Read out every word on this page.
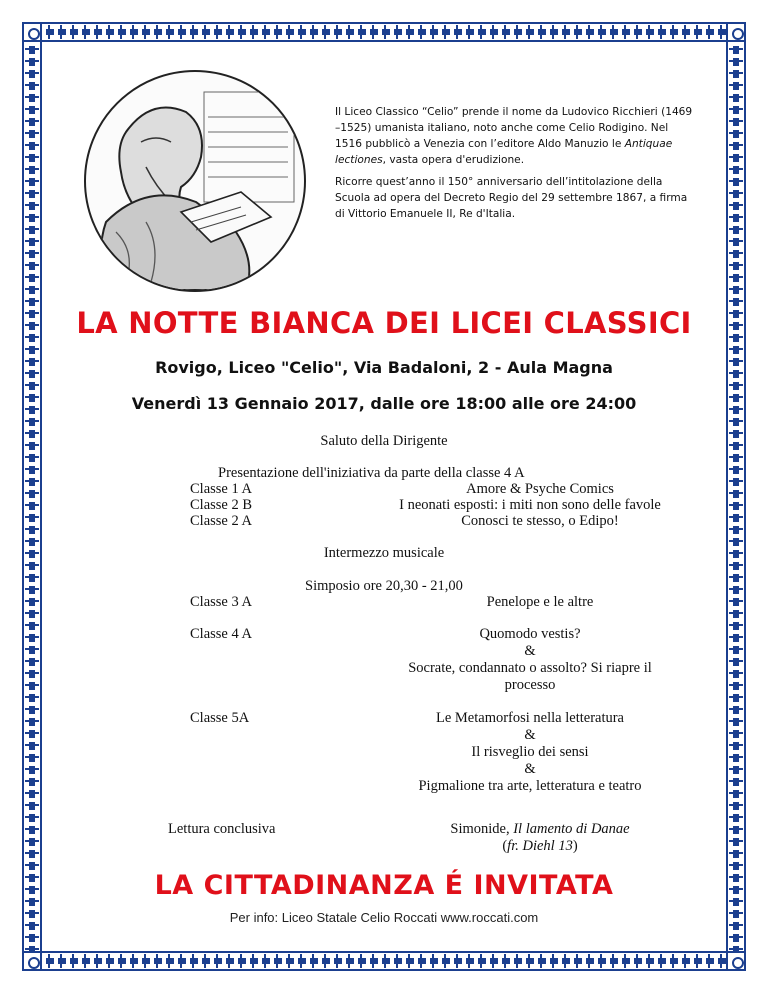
Il Liceo Classico “Celio” prende il nome da Ludovico Ricchieri (1469 –1525) umanista italiano, noto anche come Celio Rodigino. Nel 1516 pubblicò a Venezia con l’editore Aldo Manuzio le Antiquae lectiones, vasta opera d'erudizione.

Ricorre quest’anno il 150° anniversario dell’intitolazione della Scuola ad opera del Decreto Regio del 29 settembre 1867, a firma di Vittorio Emanuele II, Re d'Italia.

LA NOTTE BIANCA DEI LICEI CLASSICI
Rovigo, Liceo "Celio", Via Badaloni, 2 - Aula Magna
Venerdì 13 Gennaio 2017, dalle ore 18:00 alle ore 24:00
Saluto della Dirigente
Presentazione dell'iniziativa da parte della classe 4 A
Classe 1 A	Amore & Psyche Comics
Classe 2 B	I neonati esposti: i miti non sono delle favole
Classe 2 A	Conosci te stesso, o Edipo!
Intermezzo musicale
Simposio ore 20,30 - 21,00
Classe 3 A	Penelope e le altre
Classe 4 A	Quomodo vestis?
&
Socrate, condannato o assolto? Si riapre il
processo
Classe 5A	Le Metamorfosi nella letteratura
&
Il risveglio dei sensi
&
Pigmalione tra arte, letteratura e teatro
Lettura conclusiva	Simonide, Il lamento di Danae
(fr. Diehl 13)
LA CITTADINANZA É INVITATA
Per info: Liceo Statale Celio Roccati www.roccati.com
